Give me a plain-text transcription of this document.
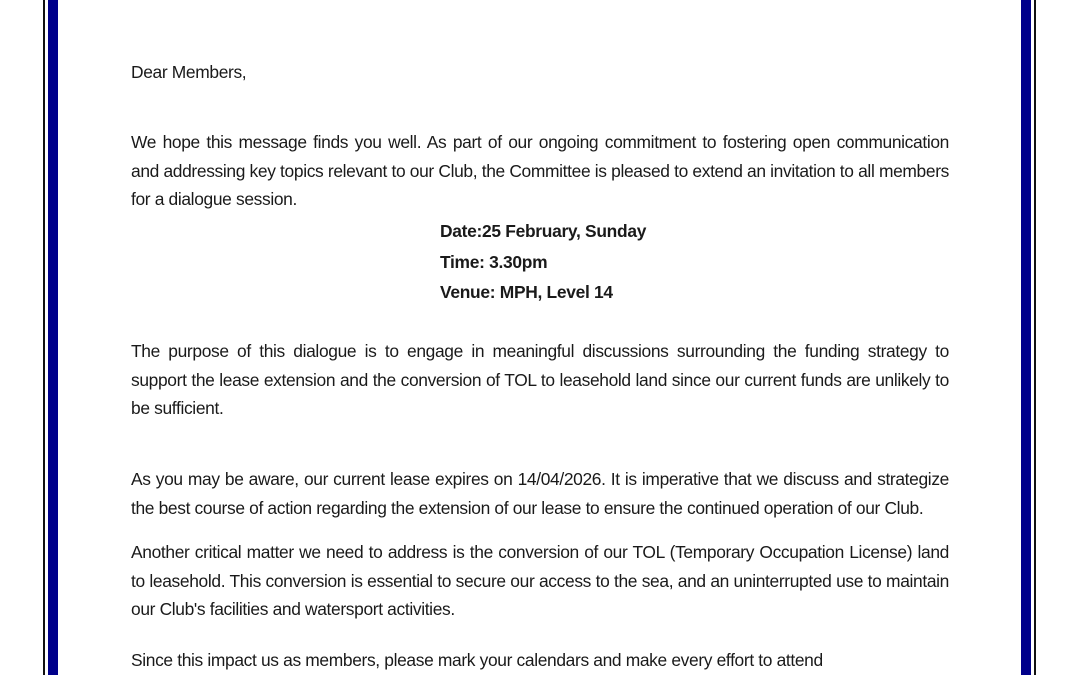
Dear Members,
We hope this message finds you well. As part of our ongoing commitment to fostering open communication and addressing key topics relevant to our Club, the Committee is pleased to extend an invitation to all members for a dialogue session.
Date:25 February, Sunday
Time: 3.30pm
Venue: MPH, Level 14
The purpose of this dialogue is to engage in meaningful discussions surrounding the funding strategy to support the lease extension and the conversion of TOL to leasehold land since our current funds are unlikely to be sufficient.
As you may be aware, our current lease expires on 14/04/2026. It is imperative that we discuss and strategize the best course of action regarding the extension of our lease to ensure the continued operation of our Club.
Another critical matter we need to address is the conversion of our TOL (Temporary Occupation License) land to leasehold. This conversion is essential to secure our access to the sea, and an uninterrupted use to maintain our Club's facilities and watersport activities.
Since this impact us as members, please mark your calendars and make every effort to attend
